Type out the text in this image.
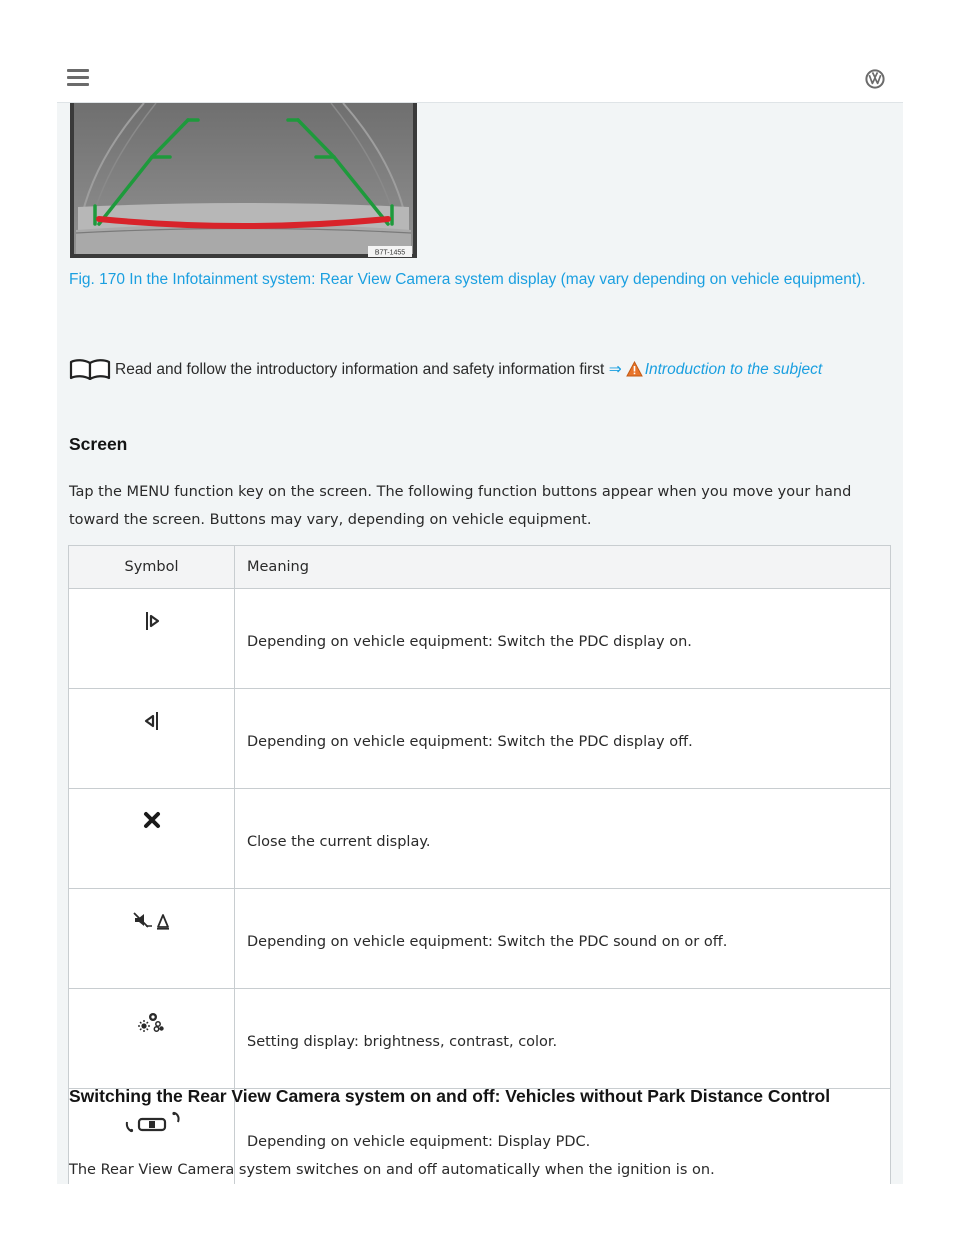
B7T-1455
Fig. 170 In the Infotainment system: Rear View Camera system display (may vary depending on vehicle equipment).
Read and follow the introductory information and safety information first ⇒ Introduction to the subject
Screen

Tap the MENU function key on the screen. The following function buttons appear when you move your hand toward the screen. Buttons may vary, depending on vehicle equipment.

Symbol	Meaning
	Depending on vehicle equipment: Switch the PDC display on.
	Depending on vehicle equipment: Switch the PDC display off.
	Close the current display.
	Depending on vehicle equipment: Switch the PDC sound on or off.
	Setting display: brightness, contrast, color.
	Depending on vehicle equipment: Display PDC.
Switching the Rear View Camera system on and off: Vehicles without Park Distance Control

The Rear View Camera system switches on and off automatically when the ignition is on.
